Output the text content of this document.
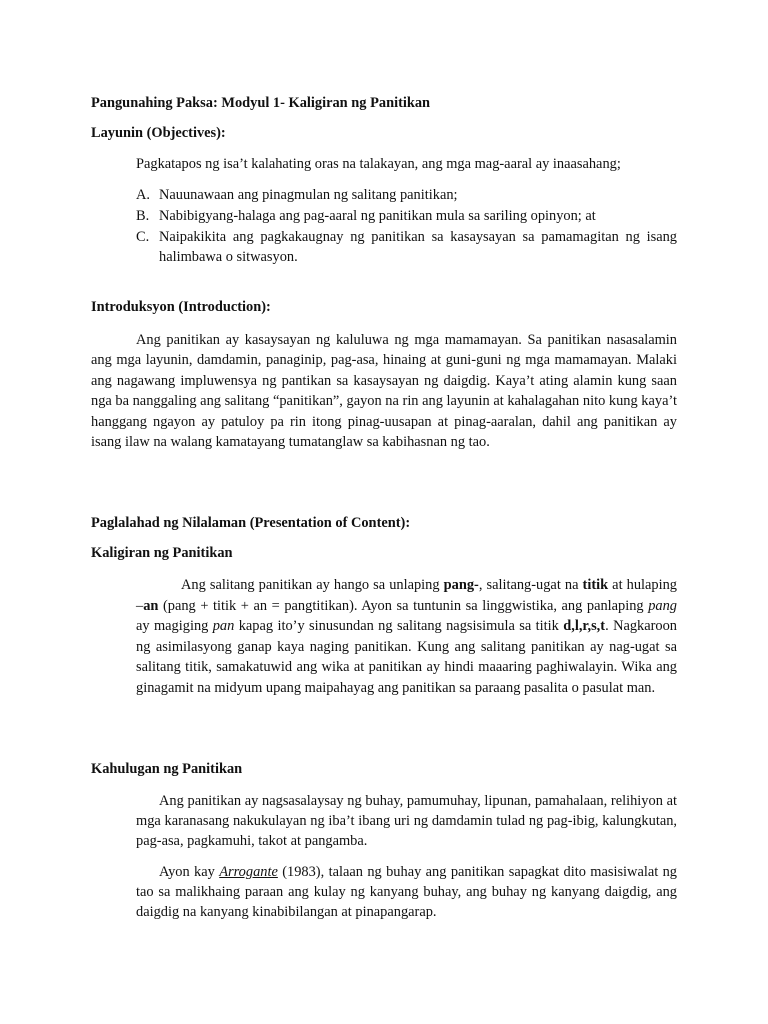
Pangunahing Paksa: Modyul 1- Kaligiran ng Panitikan

Layunin (Objectives):

Pagkatapos ng isa’t kalahating oras na talakayan, ang mga mag-aaral ay inaasahang;

A. Nauunawaan ang pinagmulan ng salitang panitikan;
B. Nabibigyang-halaga ang pag-aaral ng panitikan mula sa sariling opinyon; at
C. Naipakikita ang pagkakaugnay ng panitikan sa kasaysayan sa pamamagitan ng isang halimbawa o sitwasyon.

Introduksyon (Introduction):

Ang panitikan ay kasaysayan ng kaluluwa ng mga mamamayan. Sa panitikan nasasalamin ang mga layunin, damdamin, panaginip, pag-asa, hinaing at guni-guni ng mga mamamayan. Malaki ang nagawang impluwensya ng pantikan sa kasaysayan ng daigdig. Kaya’t ating alamin kung saan nga ba nanggaling ang salitang “panitikan”, gayon na rin ang layunin at kahalagahan nito kung kaya’t hanggang ngayon ay patuloy pa rin itong pinag-uusapan at pinag-aaralan, dahil ang panitikan ay isang ilaw na walang kamatayang tumatanglaw sa kabihasnan ng tao.

Paglalahad ng Nilalaman (Presentation of Content):

Kaligiran ng Panitikan

Ang salitang panitikan ay hango sa unlaping pang-, salitang-ugat na titik at hulaping –an (pang + titik + an = pangtitikan). Ayon sa tuntunin sa linggwistika, ang panlaping pang ay magiging pan kapag ito’y sinusundan ng salitang nagsisimula sa titik d,l,r,s,t. Nagkaroon ng asimilasyong ganap kaya naging panitikan. Kung ang salitang panitikan ay nag-ugat sa salitang titik, samakatuwid ang wika at panitikan ay hindi maaaring paghiwalayin. Wika ang ginagamit na midyum upang maipahayag ang panitikan sa paraang pasalita o pasulat man.

Kahulugan ng Panitikan

Ang panitikan ay nagsasalaysay ng buhay, pamumuhay, lipunan, pamahalaan, relihiyon at mga karanasang nakukulayan ng iba’t ibang uri ng damdamin tulad ng pag-ibig, kalungkutan, pag-asa, pagkamuhi, takot at pangamba.

Ayon kay Arrogante (1983), talaan ng buhay ang panitikan sapagkat dito masisiwalat ng tao sa malikhaing paraan ang kulay ng kanyang buhay, ang buhay ng kanyang daigdig, ang daigdig na kanyang kinabibilangan at pinapangarap.
